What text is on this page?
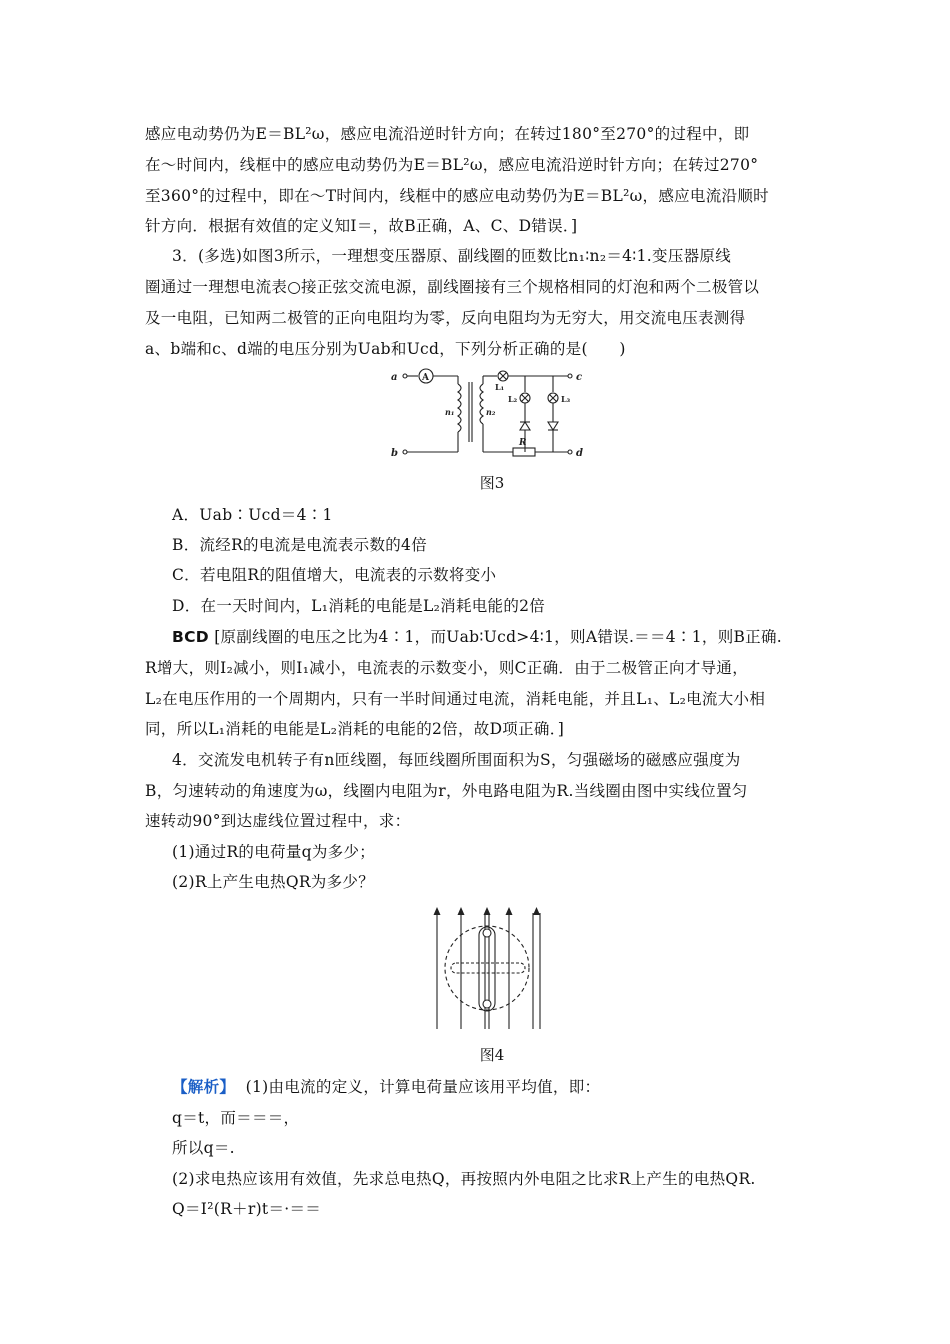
感应电动势仍为E＝BL²ω，感应电流沿逆时针方向；在转过180°至270°的过程中，即
在～时间内，线框中的感应电动势仍为E＝BL²ω，感应电流沿逆时针方向；在转过270°
至360°的过程中，即在～T时间内，线框中的感应电动势仍为E＝BL²ω，感应电流沿顺时
针方向．根据有效值的定义知I＝，故B正确，A、C、D错误．]
3．(多选)如图3所示，一理想变压器原、副线圈的匝数比n₁∶n₂＝4∶1.变压器原线
圈通过一理想电流表○接正弦交流电源，副线圈接有三个规格相同的灯泡和两个二极管以
及一电阻，已知两二极管的正向电阻均为零，反向电阻均为无穷大，用交流电压表测得
a、b端和c、d端的电压分别为Uab和Ucd，下列分析正确的是(　　)
a
b
c
d
A
n₁	n₂
L₁
L₂	L₃
R
图3
A．Uab∶Ucd＝4∶1
B．流经R的电流是电流表示数的4倍
C．若电阻R的阻值增大，电流表的示数将变小
D．在一天时间内，L₁消耗的电能是L₂消耗电能的2倍
BCD [原副线圈的电压之比为4∶1，而Uab∶Ucd>4∶1，则A错误.＝＝4∶1，则B正确.
R增大，则I₂减小，则I₁减小，电流表的示数变小，则C正确．由于二极管正向才导通，
L₂在电压作用的一个周期内，只有一半时间通过电流，消耗电能，并且L₁、L₂电流大小相
同，所以L₁消耗的电能是L₂消耗的电能的2倍，故D项正确．]
4．交流发电机转子有n匝线圈，每匝线圈所围面积为S，匀强磁场的磁感应强度为
B，匀速转动的角速度为ω，线圈内电阻为r，外电路电阻为R.当线圈由图中实线位置匀
速转动90°到达虚线位置过程中，求：
(1)通过R的电荷量q为多少；
(2)R上产生电热QR为多少？
图4
【解析】 (1)由电流的定义，计算电荷量应该用平均值，即：
q＝t，而＝＝＝，
所以q＝.
(2)求电热应该用有效值，先求总电热Q，再按照内外电阻之比求R上产生的电热QR.
Q＝I²(R＋r)t＝·＝＝
